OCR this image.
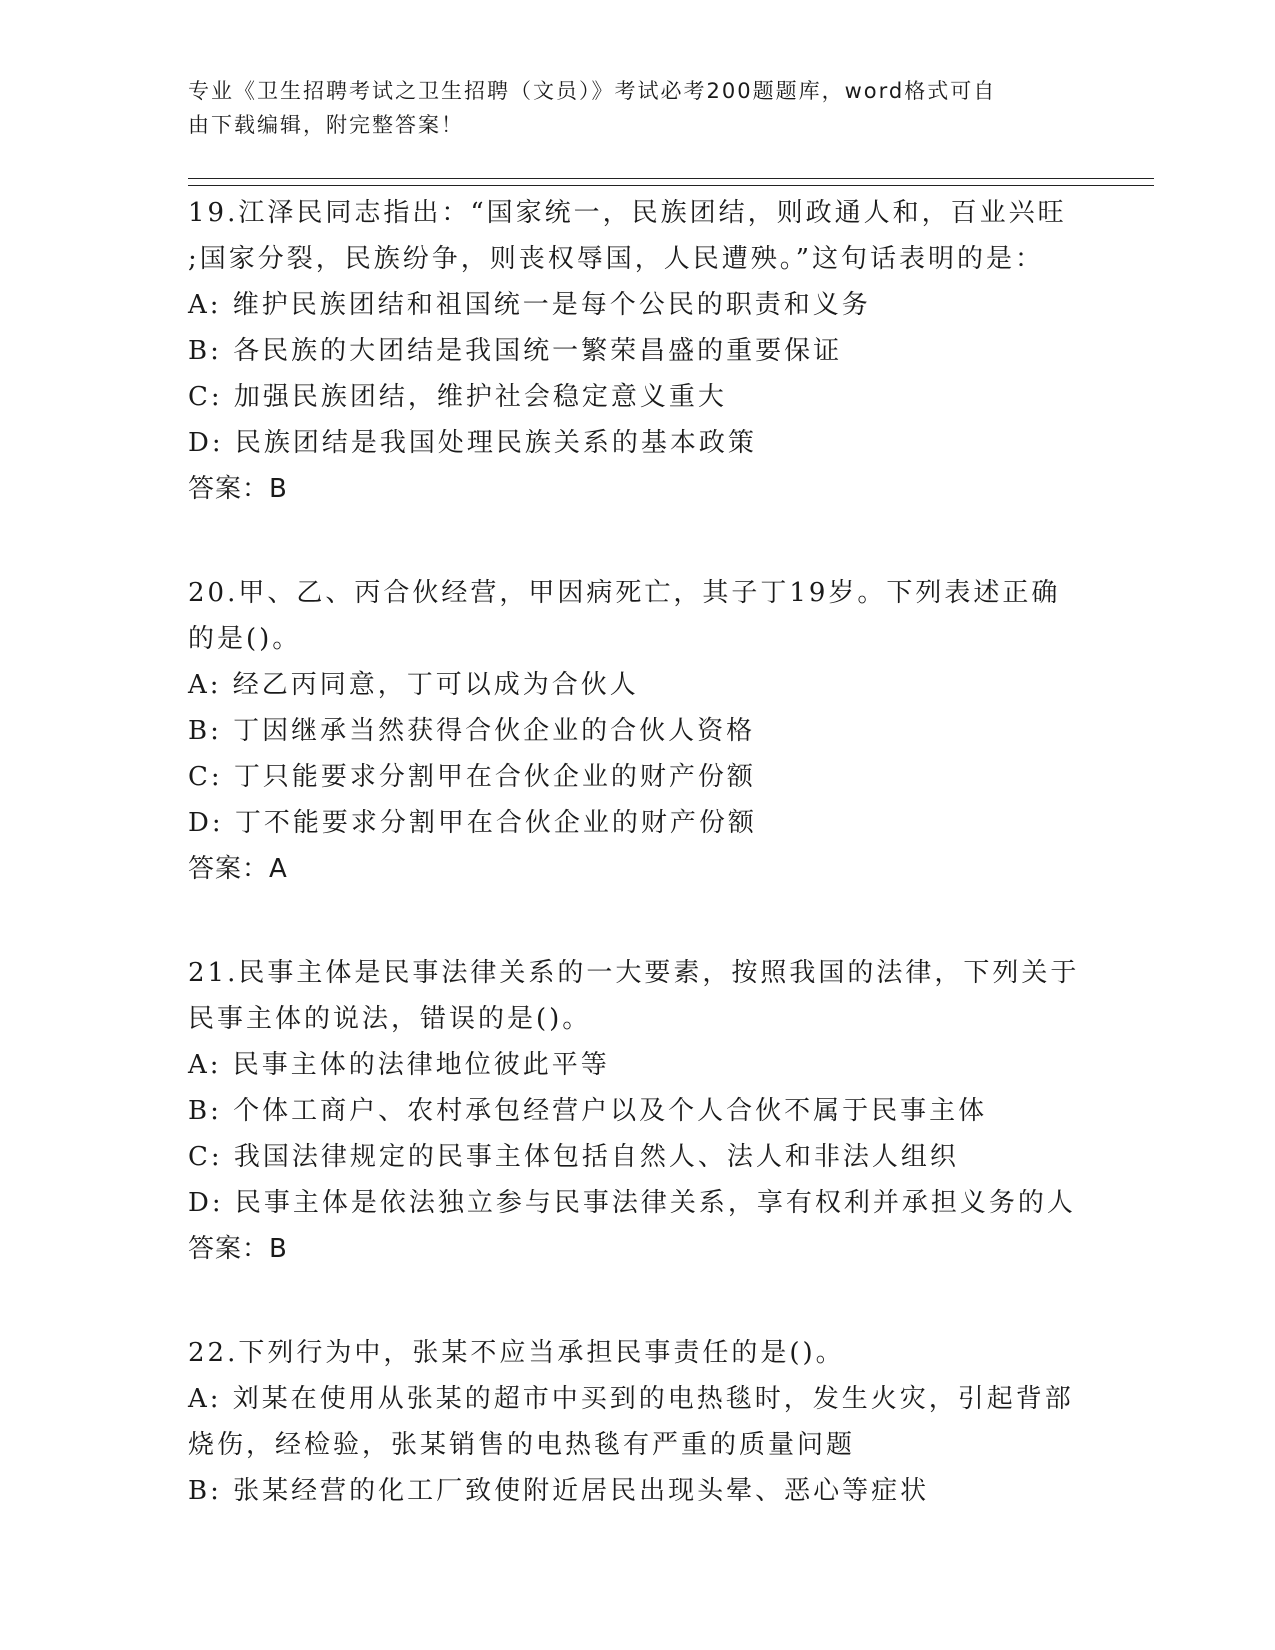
专业《卫生招聘考试之卫生招聘（文员）》考试必考200题题库，word格式可自

由下载编辑，附完整答案！

19.江泽民同志指出：“国家统一，民族团结，则政通人和，百业兴旺

;国家分裂，民族纷争，则丧权辱国，人民遭殃。”这句话表明的是：

A: 维护民族团结和祖国统一是每个公民的职责和义务

B: 各民族的大团结是我国统一繁荣昌盛的重要保证

C: 加强民族团结，维护社会稳定意义重大

D: 民族团结是我国处理民族关系的基本政策

答案：B

20.甲、乙、丙合伙经营，甲因病死亡，其子丁19岁。下列表述正确

的是()。

A: 经乙丙同意，丁可以成为合伙人

B: 丁因继承当然获得合伙企业的合伙人资格

C: 丁只能要求分割甲在合伙企业的财产份额

D: 丁不能要求分割甲在合伙企业的财产份额

答案：A

21.民事主体是民事法律关系的一大要素，按照我国的法律，下列关于

民事主体的说法，错误的是()。

A: 民事主体的法律地位彼此平等

B: 个体工商户、农村承包经营户以及个人合伙不属于民事主体

C: 我国法律规定的民事主体包括自然人、法人和非法人组织

D: 民事主体是依法独立参与民事法律关系，享有权利并承担义务的人

答案：B

22.下列行为中，张某不应当承担民事责任的是()。

A: 刘某在使用从张某的超市中买到的电热毯时，发生火灾，引起背部

烧伤，经检验，张某销售的电热毯有严重的质量问题

B: 张某经营的化工厂致使附近居民出现头晕、恶心等症状
